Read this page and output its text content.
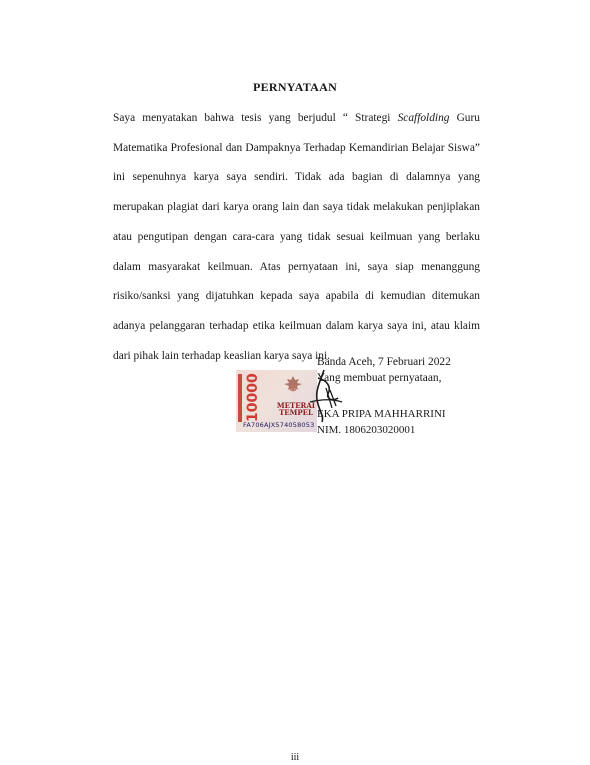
PERNYATAAN
Saya menyatakan bahwa tesis yang berjudul “ Strategi Scaffolding Guru Matematika Profesional dan Dampaknya Terhadap Kemandirian Belajar Siswa” ini sepenuhnya karya saya sendiri. Tidak ada bagian di dalamnya yang merupakan plagiat dari karya orang lain dan saya tidak melakukan penjiplakan atau pengutipan dengan cara-cara yang tidak sesuai keilmuan yang berlaku dalam masyarakat keilmuan. Atas pernyataan ini, saya siap menanggung risiko/sanksi yang dijatuhkan kepada saya apabila di kemudian ditemukan adanya pelanggaran terhadap etika keilmuan dalam karya saya ini, atau klaim dari pihak lain terhadap keaslian karya saya ini.
Banda Aceh, 7 Februari 2022
Yang membuat pernyataan,
10000 METERAI
TEMPEL
FA706AJX574058053
EKA PRIPA MAHHARRINI
NIM. 1806203020001
iii
